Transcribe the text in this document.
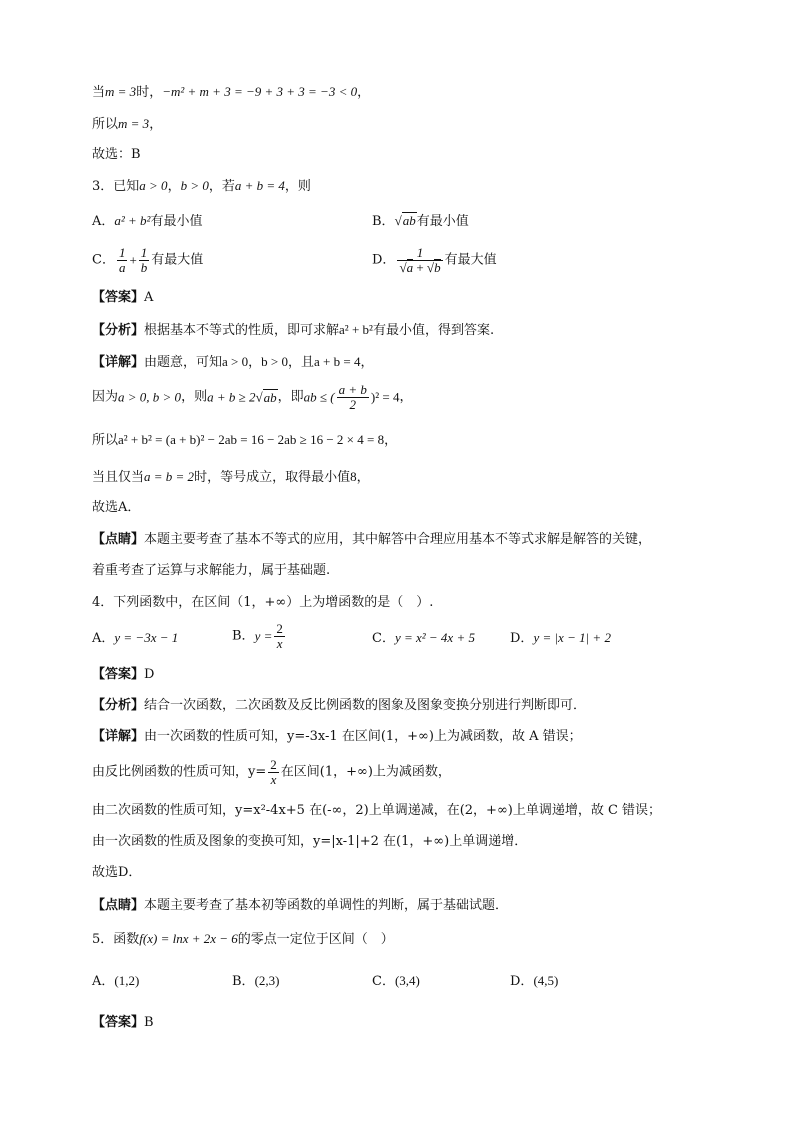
当m = 3时，−m² + m + 3 = −9 + 3 + 3 = −3 < 0，
所以m = 3，
故选：B
3．已知a > 0，b > 0，若a + b = 4，则
A．a² + b²有最小值	B．√ab有最小值
C． $\frac{1}{a} + \frac{1}{b}$ 有最大值	D． $\frac{1}{√a + √b}$ 有最大值
【答案】A
【分析】根据基本不等式的性质，即可求解a² + b²有最小值，得到答案.
【详解】由题意，可知a > 0，b > 0，且a + b = 4，
因为a > 0, b > 0，则a + b ≥ 2√ab，即ab ≤ ( $\frac{a + b}{2} )^2 = 4$，
所以a² + b² = (a + b)² − 2ab = 16 − 2ab ≥ 16 − 2 × 4 = 8，
当且仅当a = b = 2时，等号成立，取得最小值8，
故选A．
【点睛】本题主要考查了基本不等式的应用，其中解答中合理应用基本不等式求解是解答的关键，
着重考查了运算与求解能力，属于基础题.
4．下列函数中，在区间（1，+∞）上为增函数的是（　）.
A．y = −3x − 1	B．$y = \frac{2}{x}$	C．y = x² − 4x + 5	D．y = |x − 1| + 2
【答案】D
【分析】结合一次函数，二次函数及反比例函数的图象及图象变换分别进行判断即可．
【详解】由一次函数的性质可知，y=-3x-1 在区间(1，+∞)上为减函数，故 A 错误；
由反比例函数的性质可知，$y= \frac{2}{x}$ 在区间(1，+∞)上为减函数，
由二次函数的性质可知，y=x²-4x+5 在(-∞，2)上单调递减，在(2，+∞)上单调递增，故 C 错误；
由一次函数的性质及图象的变换可知，y=|x-1|+2 在(1，+∞)上单调递增．
故选D．
【点睛】本题主要考查了基本初等函数的单调性的判断，属于基础试题．
5．函数f(x) = lnx + 2x − 6的零点一定位于区间（　）
A．(1,2)	B．(2,3)	C．(3,4)	D．(4,5)
【答案】B
